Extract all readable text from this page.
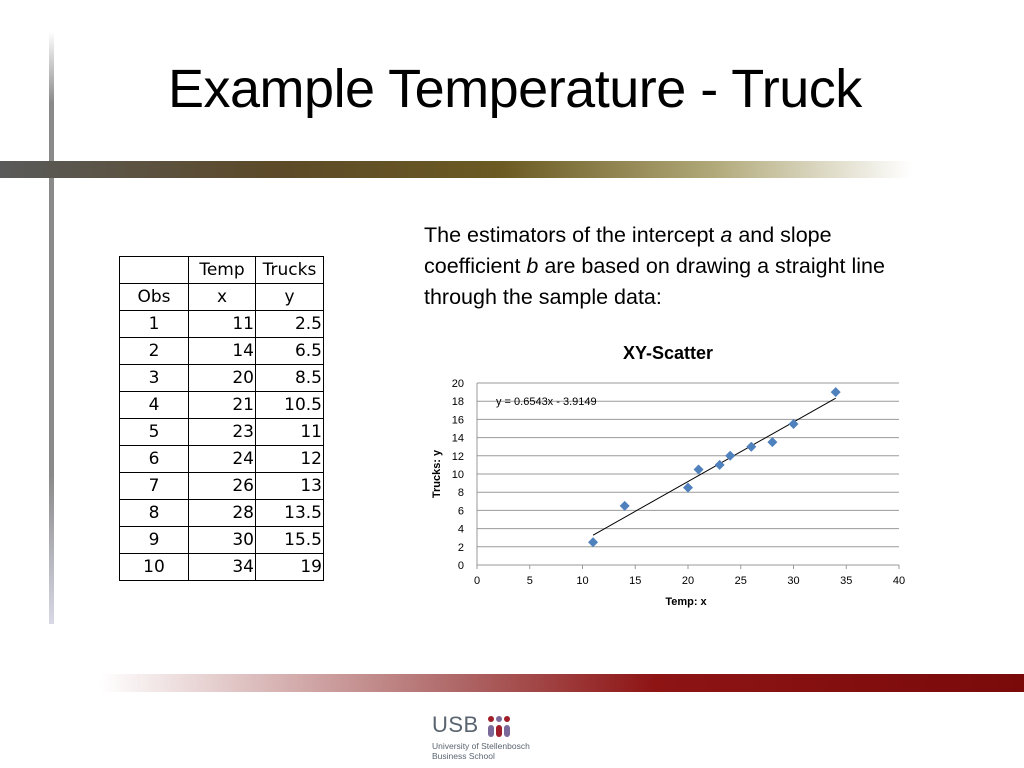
Example Temperature - Truck
	Temp	Trucks
Obs	x	y
1	11	2.5
2	14	6.5
3	20	8.5
4	21	10.5
5	23	11
6	24	12
7	26	13
8	28	13.5
9	30	15.5
10	34	19
The estimators of the intercept a and slope coefficient b are based on drawing a straight line through the sample data:
0
2
4
6
8
10
12
14
16
18
20
0	5	10	15	20	25	30	35	40
XY-Scatter
Temp: x
Trucks: y
y = 0.6543x - 3.9149
USB
University of Stellenbosch
Business School
